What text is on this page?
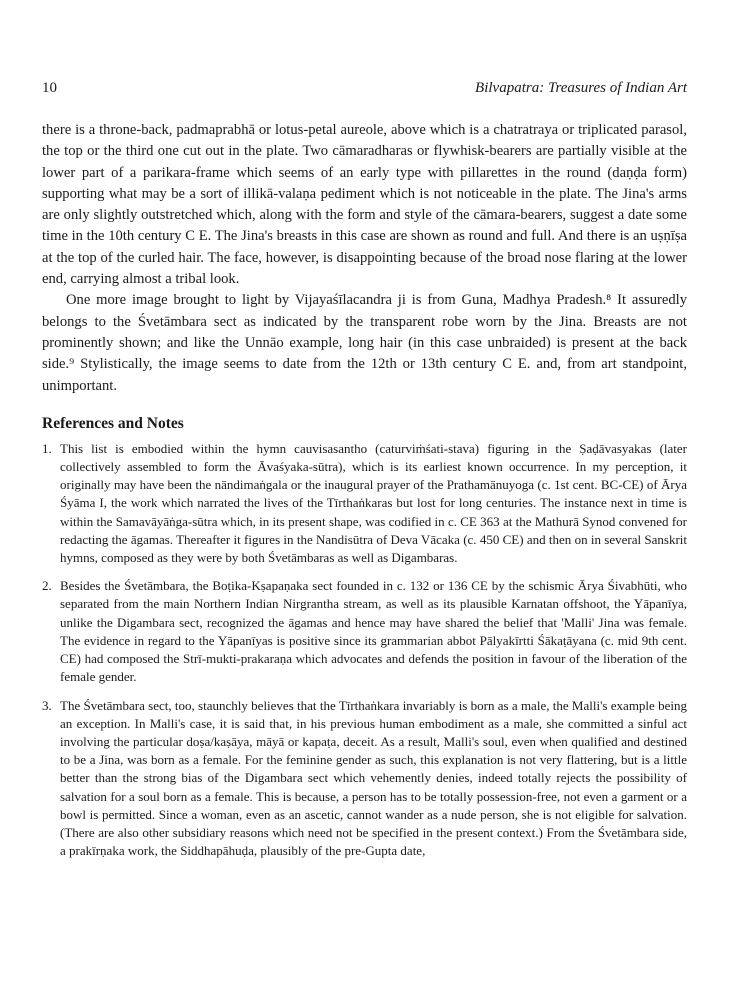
10	Bilvapatra: Treasures of Indian Art

there is a throne-back, padmaprabhā or lotus-petal aureole, above which is a chatratraya or triplicated parasol, the top or the third one cut out in the plate. Two cāmaradharas or flywhisk-bearers are partially visible at the lower part of a parikara-frame which seems of an early type with pillarettes in the round (daṇḍa form) supporting what may be a sort of illikā-valaṇa pediment which is not noticeable in the plate. The Jina's arms are only slightly outstretched which, along with the form and style of the cāmara-bearers, suggest a date some time in the 10th century C E. The Jina's breasts in this case are shown as round and full. And there is an uṣṇīṣa at the top of the curled hair. The face, however, is disappointing because of the broad nose flaring at the lower end, carrying almost a tribal look.

One more image brought to light by Vijayaśīlacandra ji is from Guna, Madhya Pradesh.⁸ It assuredly belongs to the Śvetāmbara sect as indicated by the transparent robe worn by the Jina. Breasts are not prominently shown; and like the Unnāo example, long hair (in this case unbraided) is present at the back side.⁹ Stylistically, the image seems to date from the 12th or 13th century C E. and, from art standpoint, unimportant.

References and Notes
1. This list is embodied within the hymn cauvisasantho (caturviṁśati-stava) figuring in the Ṣaḍāvasyakas (later collectively assembled to form the Āvaśyaka-sūtra), which is its earliest known occurrence. In my perception, it originally may have been the nāndimaṅgala or the inaugural prayer of the Prathamānuyoga (c. 1st cent. BC-CE) of Ārya Śyāma I, the work which narrated the lives of the Tīrthaṅkaras but lost for long centuries. The instance next in time is within the Samavāyāṅga-sūtra which, in its present shape, was codified in c. CE 363 at the Mathurā Synod convened for redacting the āgamas. Thereafter it figures in the Nandisūtra of Deva Vācaka (c. 450 CE) and then on in several Sanskrit hymns, composed as they were by both Śvetāmbaras as well as Digambaras.
2. Besides the Śvetāmbara, the Boṭika-Kṣapaṇaka sect founded in c. 132 or 136 CE by the schismic Ārya Śivabhūti, who separated from the main Northern Indian Nirgrantha stream, as well as its plausible Karnatan offshoot, the Yāpanīya, unlike the Digambara sect, recognized the āgamas and hence may have shared the belief that 'Malli' Jina was female. The evidence in regard to the Yāpanīyas is positive since its grammarian abbot Pālyakīrtti Śākaṭāyana (c. mid 9th cent. CE) had composed the Strī-mukti-prakaraṇa which advocates and defends the position in favour of the liberation of the female gender.
3. The Śvetāmbara sect, too, staunchly believes that the Tīrthaṅkara invariably is born as a male, the Malli's example being an exception. In Malli's case, it is said that, in his previous human embodiment as a male, she committed a sinful act involving the particular doṣa/kaṣāya, māyā or kapaṭa, deceit. As a result, Malli's soul, even when qualified and destined to be a Jina, was born as a female. For the feminine gender as such, this explanation is not very flattering, but is a little better than the strong bias of the Digambara sect which vehemently denies, indeed totally rejects the possibility of salvation for a soul born as a female. This is because, a person has to be totally possession-free, not even a garment or a bowl is permitted. Since a woman, even as an ascetic, cannot wander as a nude person, she is not eligible for salvation. (There are also other subsidiary reasons which need not be specified in the present context.) From the Śvetāmbara side, a prakīrṇaka work, the Siddhapāhuḍa, plausibly of the pre-Gupta date,
